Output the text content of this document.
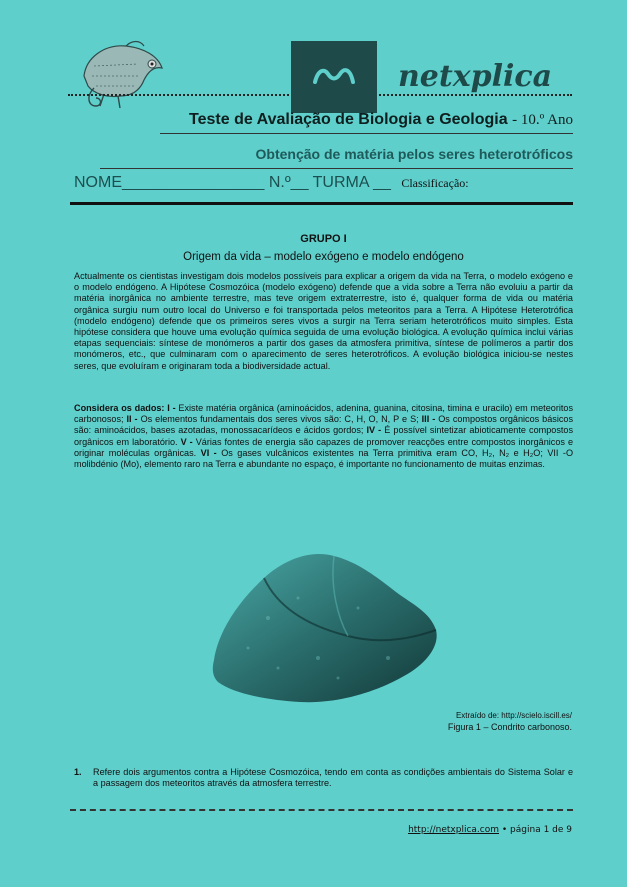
netxplica
Teste de Avaliação de Biologia e Geologia - 10.º Ano
Obtenção de matéria pelos seres heterotróficos
NOME________________ N.º__ TURMA __ Classificação:
GRUPO I
Origem da vida – modelo exógeno e modelo endógeno
Actualmente os cientistas investigam dois modelos possíveis para explicar a origem da vida na Terra, o modelo exógeno e o modelo endógeno. A Hipótese Cosmozóica (modelo exógeno) defende que a vida sobre a Terra não evoluiu a partir da matéria inorgânica no ambiente terrestre, mas teve origem extraterrestre, isto é, qualquer forma de vida ou matéria orgânica surgiu num outro local do Universo e foi transportada pelos meteoritos para a Terra. A Hipótese Heterotrófica (modelo endógeno) defende que os primeiros seres vivos a surgir na Terra seriam heterotróficos muito simples. Esta hipótese considera que houve uma evolução química seguida de uma evolução biológica. A evolução química inclui várias etapas sequenciais: síntese de monómeros a partir dos gases da atmosfera primitiva, síntese de polímeros a partir dos monómeros, etc., que culminaram com o aparecimento de seres heterotróficos. A evolução biológica iniciou-se nestes seres, que evoluíram e originaram toda a biodiversidade actual.
Considera os dados: I - Existe matéria orgânica (aminoácidos, adenina, guanina, citosina, timina e uracilo) em meteoritos carbonosos; II - Os elementos fundamentais dos seres vivos são: C, H, O, N, P e S; III - Os compostos orgânicos básicos são: aminoácidos, bases azotadas, monossacarídeos e ácidos gordos; IV - É possível sintetizar abioticamente compostos orgânicos em laboratório. V - Várias fontes de energia são capazes de promover reacções entre compostos inorgânicos e originar moléculas orgânicas. VI - Os gases vulcânicos existentes na Terra primitiva eram CO, H₂, N₂ e H₂O; VII -O molibdénio (Mo), elemento raro na Terra e abundante no espaço, é importante no funcionamento de muitas enzimas.
Extraído de: http://scielo.iscill.es/
Figura 1 – Condrito carbonoso.
1.	Refere dois argumentos contra a Hipótese Cosmozóica, tendo em conta as condições ambientais do Sistema Solar e a passagem dos meteoritos através da atmosfera terrestre.
http://netxplica.com • página 1 de 9
